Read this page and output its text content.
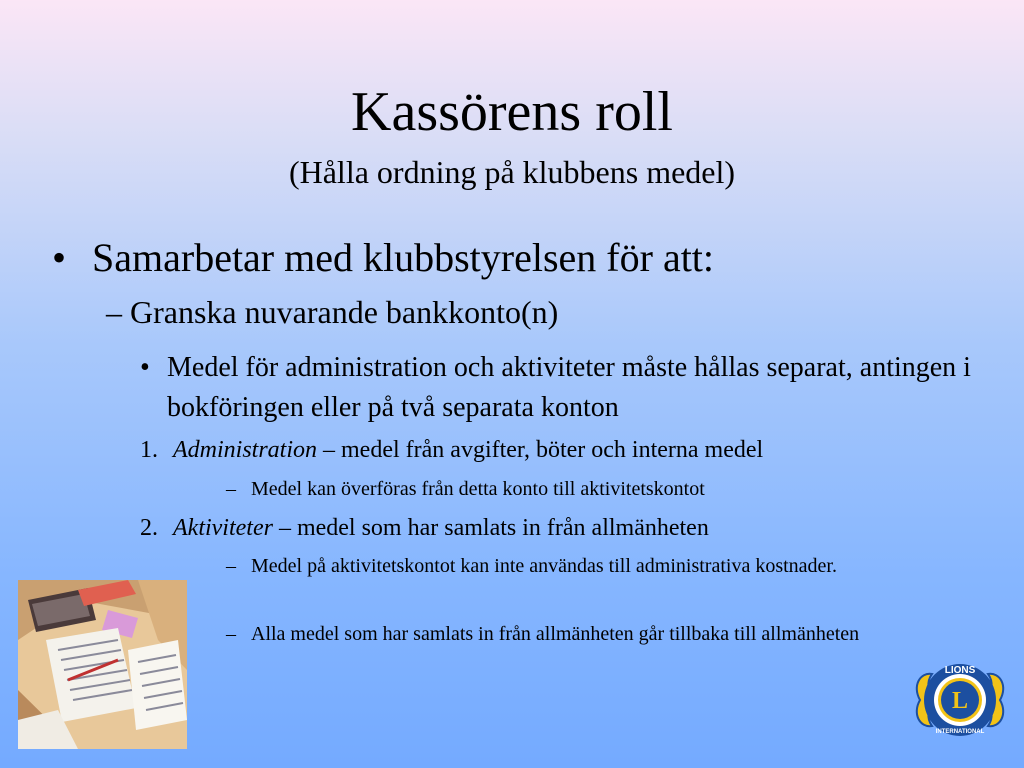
Kassörens roll
(Hålla ordning på klubbens medel)
• Samarbetar med klubbstyrelsen för att:
– Granska nuvarande bankkonto(n)
• Medel för administration och aktiviteter måste hållas separat, antingen i bokföringen eller på två separata konton
1. Administration – medel från avgifter, böter och interna medel
– Medel kan överföras från detta konto till aktivitetskontot
2. Aktiviteter – medel som har samlats in från allmänheten
– Medel på aktivitetskontot kan inte användas till administrativa kostnader.
– Alla medel som har samlats in från allmänheten går tillbaka till allmänheten
L
LIONS
INTERNATIONAL
